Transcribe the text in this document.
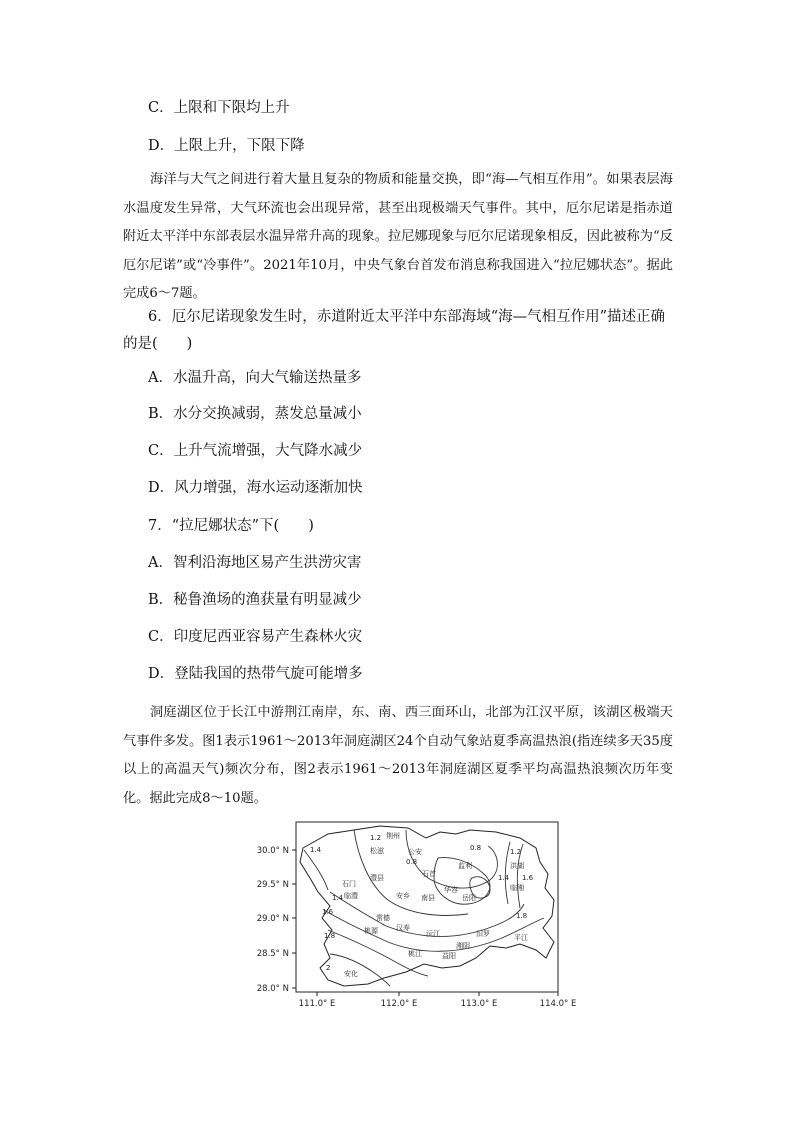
C．上限和下限均上升
D．上限上升，下限下降
海洋与大气之间进行着大量且复杂的物质和能量交换，即“海—气相互作用”。如果表层海水温度发生异常，大气环流也会出现异常，甚至出现极端天气事件。其中，厄尔尼诺是指赤道附近太平洋中东部表层水温异常升高的现象。拉尼娜现象与厄尔尼诺现象相反，因此被称为“反厄尔尼诺”或“冷事件”。2021年10月，中央气象台首发布消息称我国进入“拉尼娜状态”。据此完成6～7题。
6．厄尔尼诺现象发生时，赤道附近太平洋中东部海域“海—气相互作用”描述正确的是(　　)
A．水温升高，向大气输送热量多
B．水分交换减弱，蒸发总量减小
C．上升气流增强，大气降水减少
D．风力增强，海水运动逐渐加快
7．“拉尼娜状态”下(　　)
A．智利沿海地区易产生洪涝灾害
B．秘鲁渔场的渔获量有明显减少
C．印度尼西亚容易产生森林火灾
D．登陆我国的热带气旋可能增多
洞庭湖区位于长江中游荆江南岸，东、南、西三面环山，北部为江汉平原，该湖区极端天气事件多发。图1表示1961～2013年洞庭湖区24个自动气象站夏季高温热浪(指连续多天35度以上的高温天气)频次分布，图2表示1961～2013年洞庭湖区夏季平均高温热浪频次历年变化。据此完成8～10题。
30.0° N
29.5° N
29.0° N
28.5° N
28.0° N
111.0° E	112.0° E	113.0° E	114.0° E
荆州
松滋	公安
石首
监利	洪湖
澧县
安乡 南县
华容
岳阳
临湘
石门
临澧
常德
汉寿
桃源	沅江
湘阴
汨罗	平江
桃江	益阳
安化
1.4
1.2
0.8
0.8	1.2
1.4 1.6
1.4
1.6
1.8
1.8
2
